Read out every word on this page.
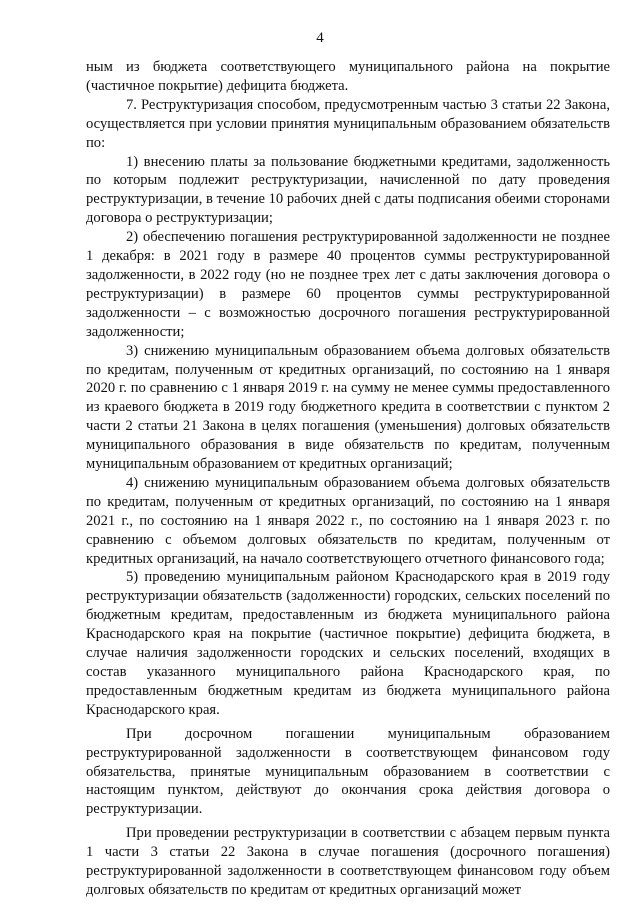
4

ным из бюджета соответствующего муниципального района на покрытие (частичное покрытие) дефицита бюджета.

7. Реструктуризация способом, предусмотренным частью 3 статьи 22 Закона, осуществляется при условии принятия муниципальным образованием обязательств по:

1) внесению платы за пользование бюджетными кредитами, задолженность по которым подлежит реструктуризации, начисленной по дату проведения реструктуризации, в течение 10 рабочих дней с даты подписания обеими сторонами договора о реструктуризации;

2) обеспечению погашения реструктурированной задолженности не позднее 1 декабря: в 2021 году в размере 40 процентов суммы реструктурированной задолженности, в 2022 году (но не позднее трех лет с даты заключения договора о реструктуризации) в размере 60 процентов суммы реструктурированной задолженности – с возможностью досрочного погашения реструктурированной задолженности;

3) снижению муниципальным образованием объема долговых обязательств по кредитам, полученным от кредитных организаций, по состоянию на 1 января 2020 г. по сравнению с 1 января 2019 г. на сумму не менее суммы предоставленного из краевого бюджета в 2019 году бюджетного кредита в соответствии с пунктом 2 части 2 статьи 21 Закона в целях погашения (уменьшения) долговых обязательств муниципального образования в виде обязательств по кредитам, полученным муниципальным образованием от кредитных организаций;

4) снижению муниципальным образованием объема долговых обязательств по кредитам, полученным от кредитных организаций, по состоянию на 1 января 2021 г., по состоянию на 1 января 2022 г., по состоянию на 1 января 2023 г. по сравнению с объемом долговых обязательств по кредитам, полученным от кредитных организаций, на начало соответствующего отчетного финансового года;

5) проведению муниципальным районом Краснодарского края в 2019 году реструктуризации обязательств (задолженности) городских, сельских поселений по бюджетным кредитам, предоставленным из бюджета муниципального района Краснодарского края на покрытие (частичное покрытие) дефицита бюджета, в случае наличия задолженности городских и сельских поселений, входящих в состав указанного муниципального района Краснодарского края, по предоставленным бюджетным кредитам из бюджета муниципального района Краснодарского края.

При досрочном погашении муниципальным образованием реструктурированной задолженности в соответствующем финансовом году обязательства, принятые муниципальным образованием в соответствии с настоящим пунктом, действуют до окончания срока действия договора о реструктуризации.

При проведении реструктуризации в соответствии с абзацем первым пункта 1 части 3 статьи 22 Закона в случае погашения (досрочного погашения) реструктурированной задолженности в соответствующем финансовом году объем долговых обязательств по кредитам от кредитных организаций может
